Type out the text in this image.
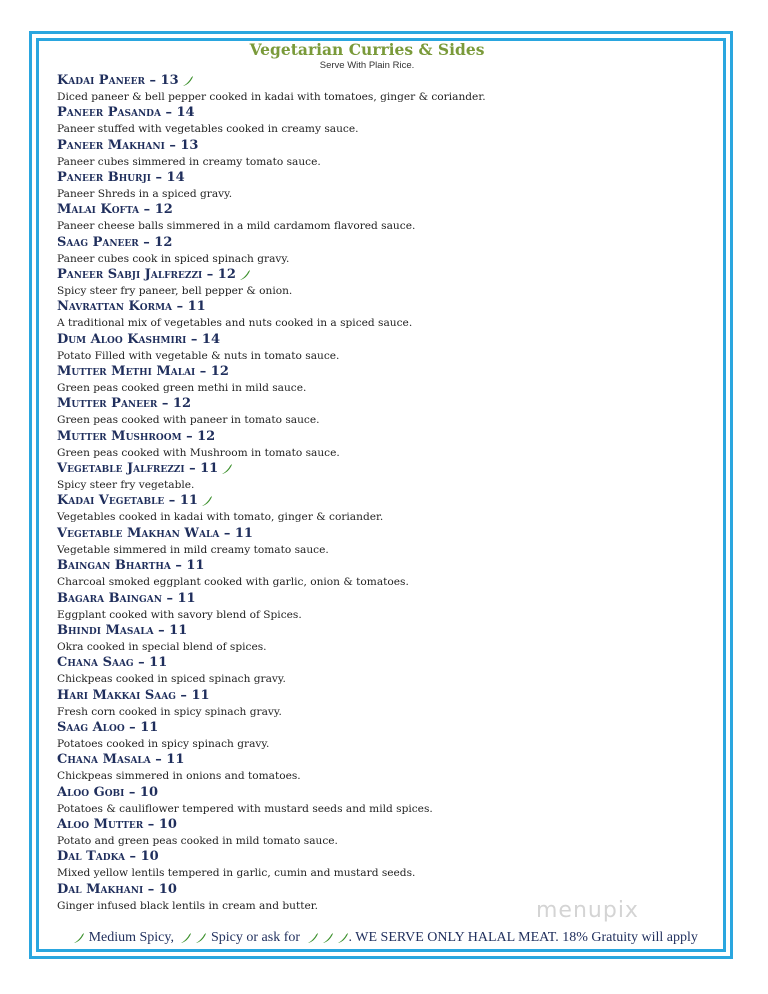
Vegetarian Curries & Sides
Serve With Plain Rice.
Kadai Paneer – 13
Diced paneer & bell pepper cooked in kadai with tomatoes, ginger & coriander.
Paneer Pasanda – 14
Paneer stuffed with vegetables cooked in creamy sauce.
Paneer Makhani – 13
Paneer cubes simmered in creamy tomato sauce.
Paneer Bhurji – 14
Paneer Shreds in a spiced gravy.
Malai Kofta – 12
Paneer cheese balls simmered in a mild cardamom flavored sauce.
Saag Paneer – 12
Paneer cubes cook in spiced spinach gravy.
Paneer Sabji Jalfrezzi – 12
Spicy steer fry paneer, bell pepper & onion.
Navrattan Korma – 11
A traditional mix of vegetables and nuts cooked in a spiced sauce.
Dum Aloo Kashmiri – 14
Potato Filled with vegetable & nuts in tomato sauce.
Mutter Methi Malai – 12
Green peas cooked green methi in mild sauce.
Mutter Paneer – 12
Green peas cooked with paneer in tomato sauce.
Mutter Mushroom – 12
Green peas cooked with Mushroom in tomato sauce.
Vegetable Jalfrezzi – 11
Spicy steer fry vegetable.
Kadai Vegetable – 11
Vegetables cooked in kadai with tomato, ginger & coriander.
Vegetable Makhan Wala – 11
Vegetable simmered in mild creamy tomato sauce.
Baingan Bhartha – 11
Charcoal smoked eggplant cooked with garlic, onion & tomatoes.
Bagara Baingan – 11
Eggplant cooked with savory blend of Spices.
Bhindi Masala – 11
Okra cooked in special blend of spices.
Chana Saag – 11
Chickpeas cooked in spiced spinach gravy.
Hari Makkai Saag – 11
Fresh corn cooked in spicy spinach gravy.
Saag Aloo – 11
Potatoes cooked in spicy spinach gravy.
Chana Masala – 11
Chickpeas simmered in onions and tomatoes.
Aloo Gobi – 10
Potatoes & cauliflower tempered with mustard seeds and mild spices.
Aloo Mutter – 10
Potato and green peas cooked in mild tomato sauce.
Dal Tadka – 10
Mixed yellow lentils tempered in garlic, cumin and mustard seeds.
Dal Makhani – 10
Ginger infused black lentils in cream and butter.
Medium Spicy,  Spicy or ask for	. WE SERVE ONLY HALAL MEAT. 18% Gratuity will apply
menupix
